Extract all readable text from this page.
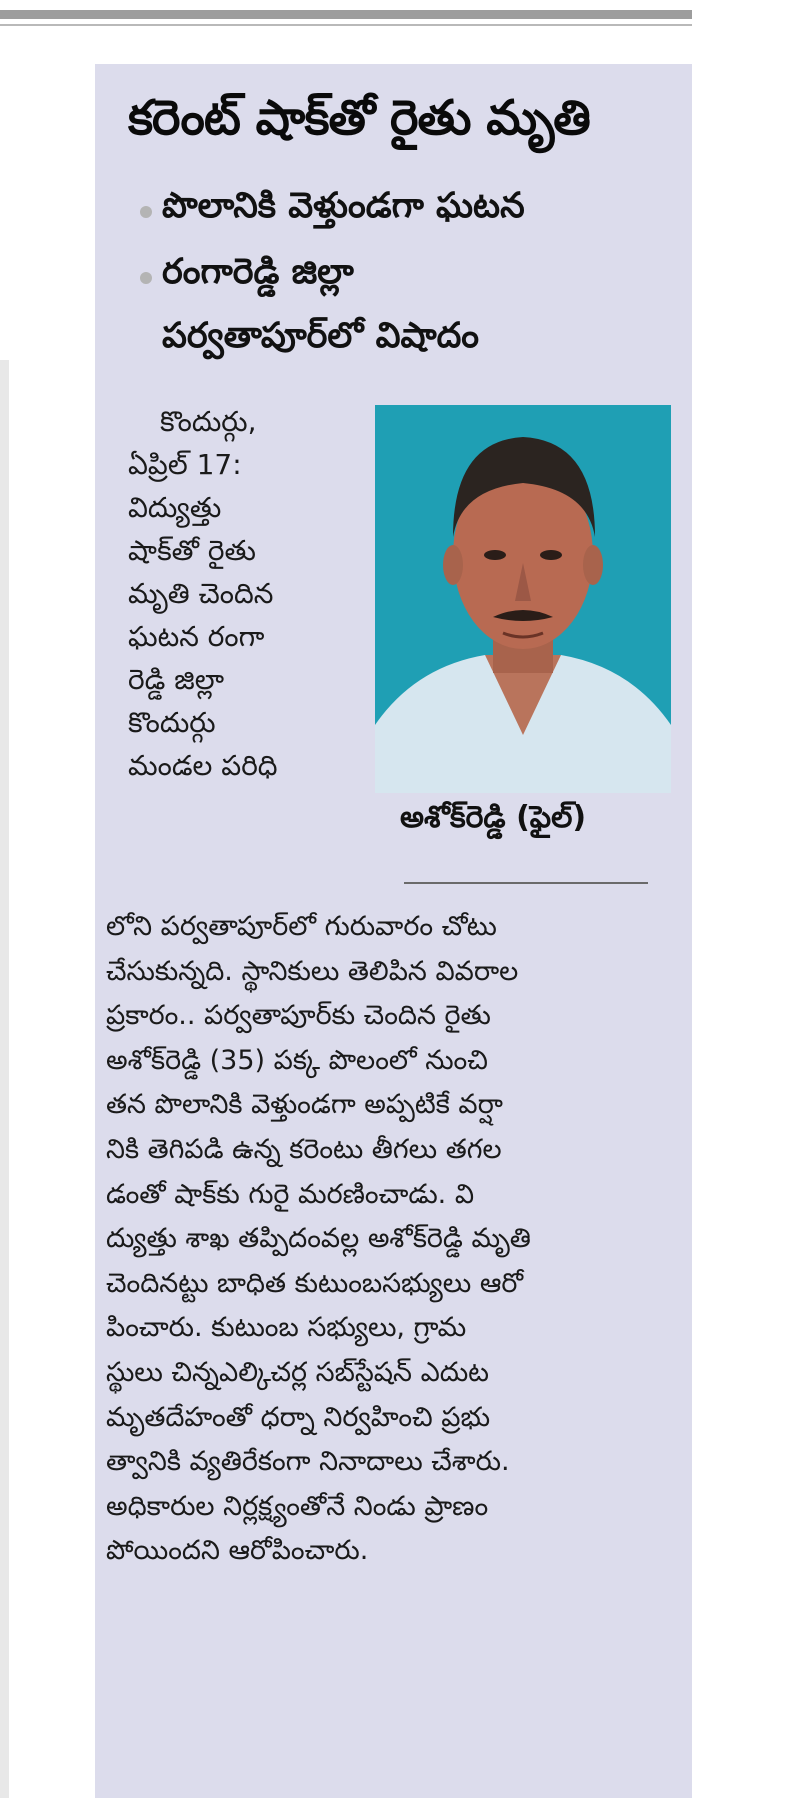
కరెంట్ షాక్‌తో రైతు మృతి

పొలానికి వెళ్తుండగా ఘటన

రంగారెడ్డి జిల్లా

పర్వతాపూర్‌లో విషాదం

కొందుర్గు,
ఏప్రిల్ 17:
విద్యుత్తు
షాక్‌తో రైతు
మృతి చెందిన
ఘటన రంగా
రెడ్డి జిల్లా
కొందుర్గు
మండల పరిధి
అశోక్‌రెడ్డి (ఫైల్)
లోని పర్వతాపూర్‌లో గురువారం చోటు
చేసుకున్నది. స్థానికులు తెలిపిన వివరాల
ప్రకారం.. పర్వతాపూర్‌కు చెందిన రైతు
అశోక్‌రెడ్డి (35) పక్క పొలంలో నుంచి
తన పొలానికి వెళ్తుండగా అప్పటికే వర్షా
నికి తెగిపడి ఉన్న కరెంటు తీగలు తగల
డంతో షాక్‌కు గురై మరణించాడు. వి
ద్యుత్తు శాఖ తప్పిదంవల్ల అశోక్‌రెడ్డి మృతి
చెందినట్టు బాధిత కుటుంబసభ్యులు ఆరో
పించారు. కుటుంబ సభ్యులు, గ్రామ
స్థులు చిన్నఎల్కిచర్ల సబ్‌స్టేషన్ ఎదుట
మృతదేహంతో ధర్నా నిర్వహించి ప్రభు
త్వానికి వ్యతిరేకంగా నినాదాలు చేశారు.
అధికారుల నిర్లక్ష్యంతోనే నిండు ప్రాణం
పోయిందని ఆరోపించారు.
